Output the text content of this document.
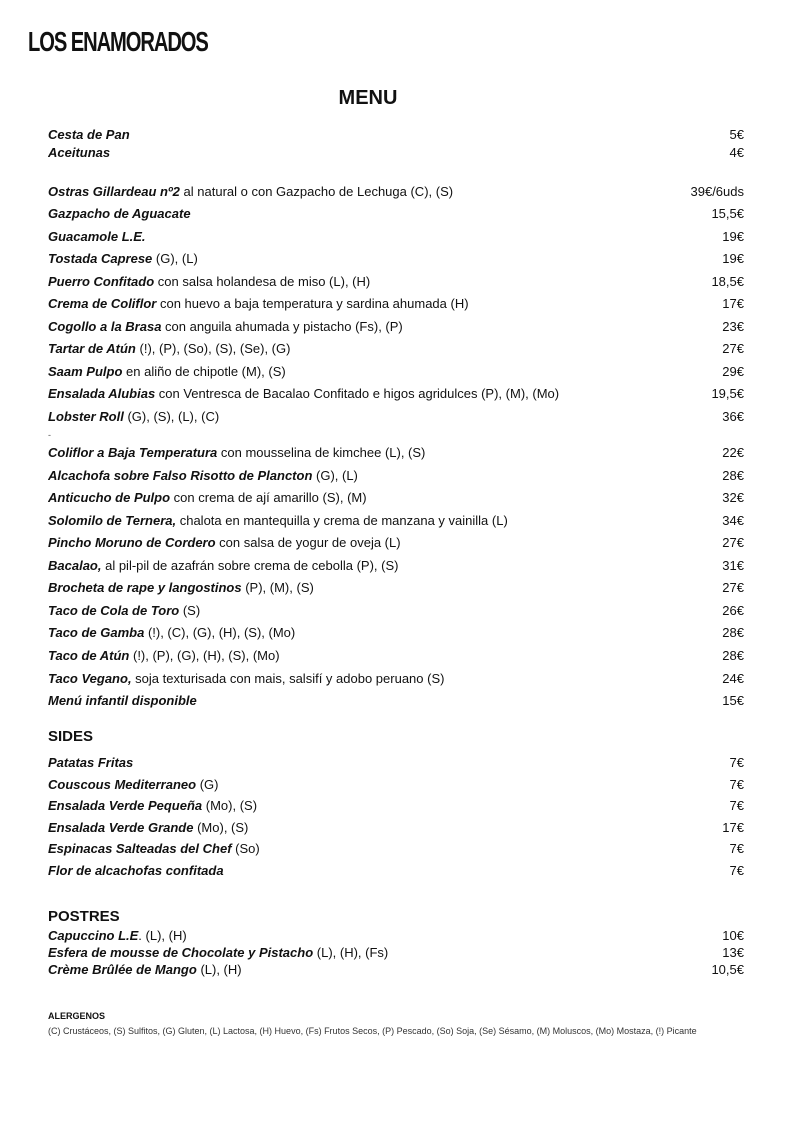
LOS ENAMORADOS
MENU
Cesta de Pan	5€
Aceitunas	4€
Ostras Gillardeau nº2 al natural o con Gazpacho de Lechuga (C), (S)	39€/6uds
Gazpacho de Aguacate	15,5€
Guacamole L.E.	19€
Tostada Caprese (G), (L)	19€
Puerro Confitado con salsa holandesa de miso (L), (H)	18,5€
Crema de Coliflor con huevo a baja temperatura y sardina ahumada (H)	17€
Cogollo a la Brasa con anguila ahumada y pistacho (Fs), (P)	23€
Tartar de Atún (!), (P), (So), (S), (Se), (G)	27€
Saam Pulpo en aliño de chipotle (M), (S)	29€
Ensalada Alubias con Ventresca de Bacalao Confitado e higos agridulces (P), (M), (Mo)	19,5€
Lobster Roll (G), (S), (L), (C)	36€
Coliflor a Baja Temperatura con mousselina de kimchee (L), (S)	22€
Alcachofa sobre Falso Risotto de Plancton (G), (L)	28€
Anticucho de Pulpo con crema de ají amarillo (S), (M)	32€
Solomilo de Ternera, chalota en mantequilla y crema de manzana y vainilla (L)	34€
Pincho Moruno de Cordero con salsa de yogur de oveja (L)	27€
Bacalao, al pil-pil de azafrán sobre crema de cebolla (P), (S)	31€
Brocheta de rape y langostinos (P), (M), (S)	27€
Taco de Cola de Toro (S)	26€
Taco de Gamba (!), (C), (G), (H), (S), (Mo)	28€
Taco de Atún (!), (P), (G), (H), (S), (Mo)	28€
Taco Vegano, soja texturisada con mais, salsifí y adobo peruano (S)	24€
Menú infantil disponible	15€
Patatas Fritas	7€
Couscous Mediterraneo (G)	7€
Ensalada Verde Pequeña (Mo), (S)	7€
Ensalada Verde Grande (Mo), (S)	17€
Espinacas Salteadas del Chef (So)	7€
Flor de alcachofas confitada	7€
Capuccino L.E. (L), (H)	10€
Esfera de mousse de Chocolate y Pistacho (L), (H), (Fs)	13€
Crème Brûlée de Mango (L), (H)	10,5€
-
SIDES
POSTRES
ALERGENOS
(C) Crustáceos, (S) Sulfitos, (G) Gluten, (L) Lactosa, (H) Huevo, (Fs) Frutos Secos, (P) Pescado, (So) Soja, (Se) Sésamo, (M) Moluscos, (Mo) Mostaza, (!) Picante
